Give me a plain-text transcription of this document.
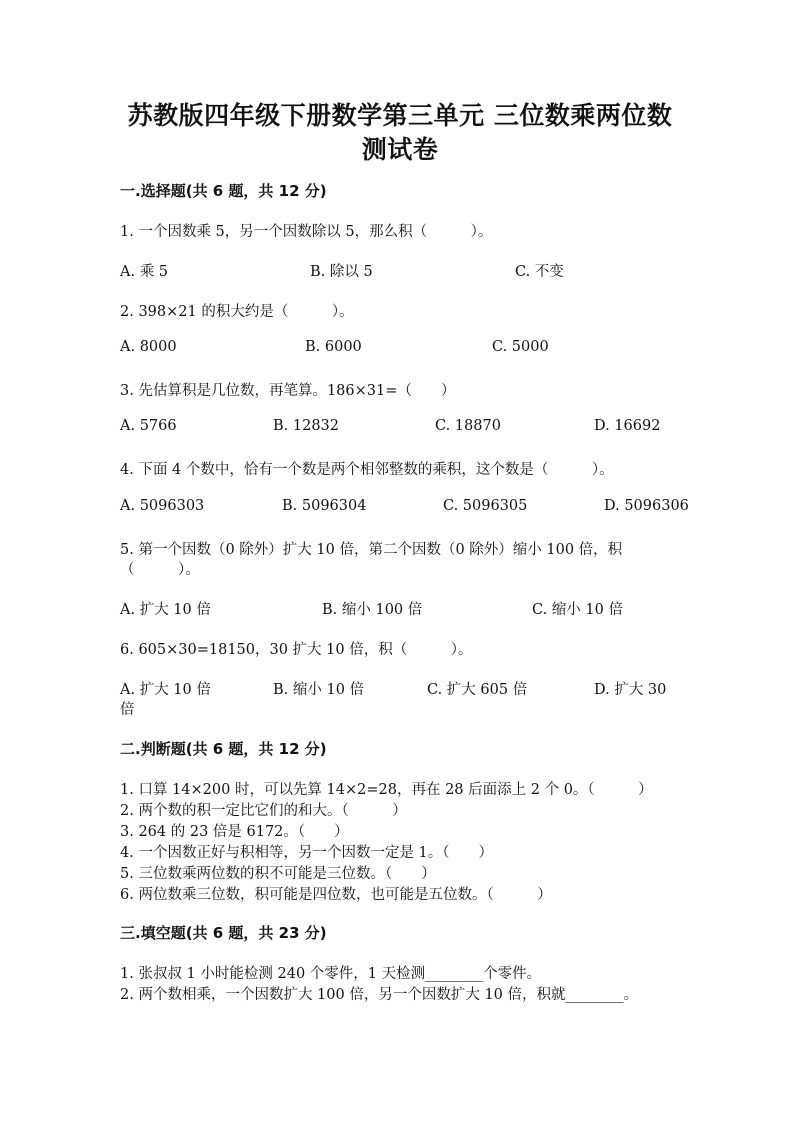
苏教版四年级下册数学第三单元 三位数乘两位数
测试卷
一.选择题(共 6 题，共 12 分)
1. 一个因数乘 5，另一个因数除以 5，那么积（　　　）。
A. 乘 5	B. 除以 5	C. 不变
2. 398×21 的积大约是（　　　）。
A. 8000	B. 6000	C. 5000
3. 先估算积是几位数，再笔算。186×31=（　　）
A. 5766	B. 12832	C. 18870	D. 16692
4. 下面 4 个数中，恰有一个数是两个相邻整数的乘积，这个数是（　　　）。
A. 5096303	B. 5096304	C. 5096305	D. 5096306
5. 第一个因数（0 除外）扩大 10 倍，第二个因数（0 除外）缩小 100 倍，积
（　　　）。
A. 扩大 10 倍	B. 缩小 100 倍	C. 缩小 10 倍
6. 605×30=18150，30 扩大 10 倍，积（　　　）。
A. 扩大 10 倍	B. 缩小 10 倍	C. 扩大 605 倍	D. 扩大 30
倍
二.判断题(共 6 题，共 12 分)
1. 口算 14×200 时，可以先算 14×2=28，再在 28 后面添上 2 个 0。（　　　）
2. 两个数的积一定比它们的和大。（　　　）
3. 264 的 23 倍是 6172。（　　）
4. 一个因数正好与积相等，另一个因数一定是 1。（　　）
5. 三位数乘两位数的积不可能是三位数。（　　）
6. 两位数乘三位数，积可能是四位数，也可能是五位数。（　　　）
三.填空题(共 6 题，共 23 分)
1. 张叔叔 1 小时能检测 240 个零件，1 天检测________个零件。
2. 两个数相乘，一个因数扩大 100 倍，另一个因数扩大 10 倍，积就________。
